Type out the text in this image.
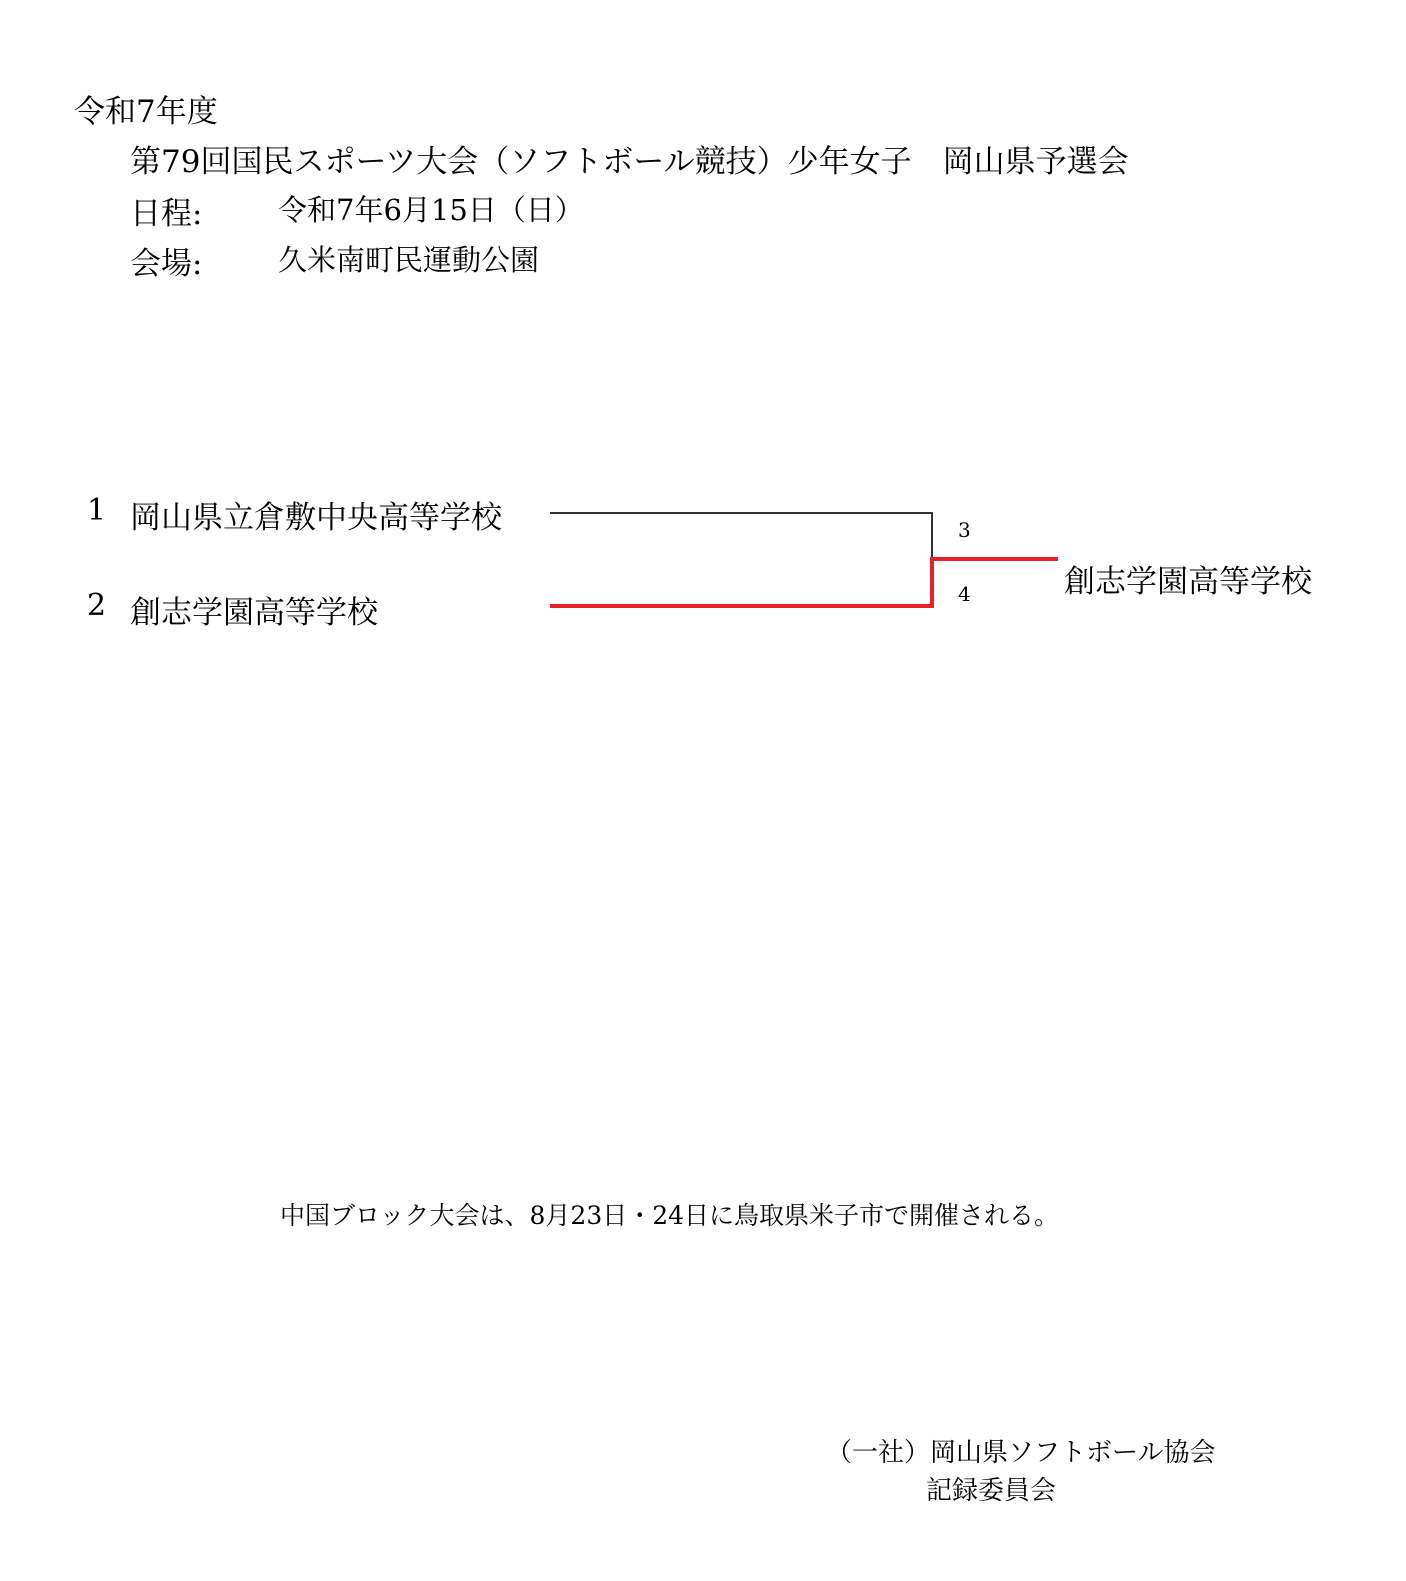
令和7年度
第79回国民スポーツ大会（ソフトボール競技）少年女子　岡山県予選会
日程:	令和7年6月15日（日）
会場:	久米南町民運動公園
1 岡山県立倉敷中央高等学校
2 創志学園高等学校
3
4	創志学園高等学校
中国ブロック大会は、8月23日・24日に鳥取県米子市で開催される。
（一社）岡山県ソフトボール協会
記録委員会
